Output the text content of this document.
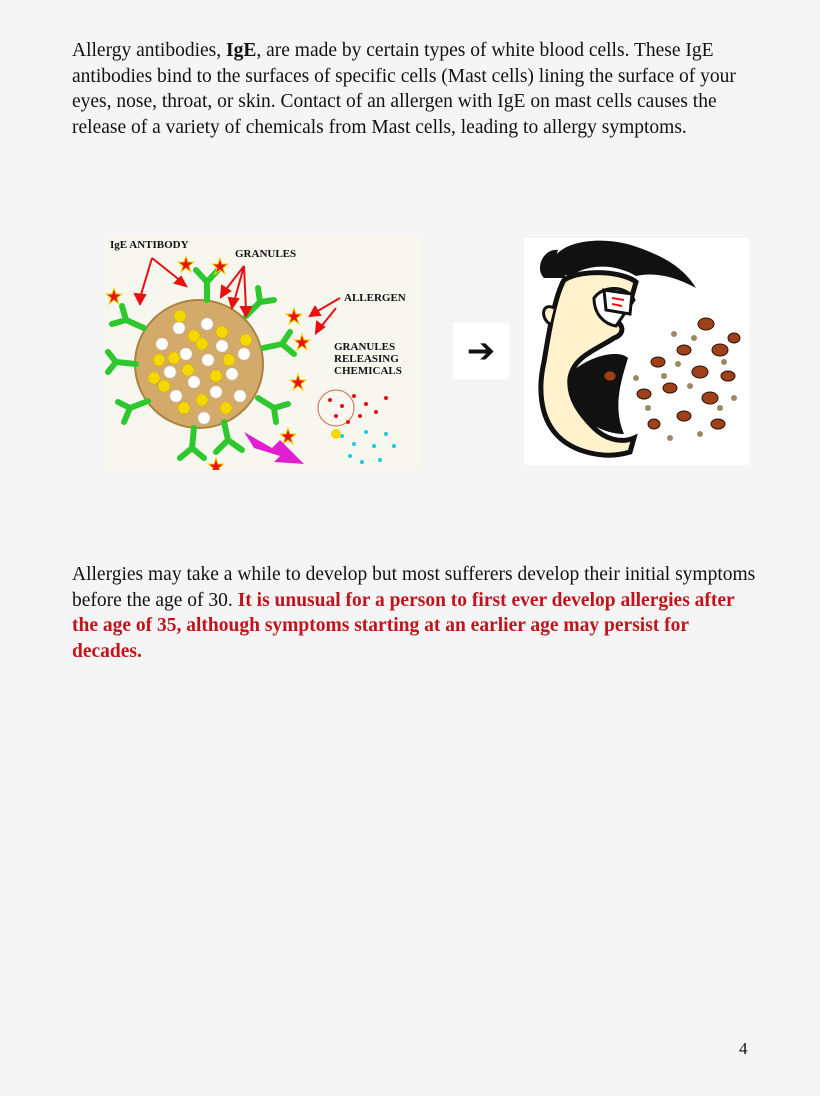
Allergy antibodies, IgE, are made by certain types of white blood cells. These IgE antibodies bind to the surfaces of specific cells (Mast cells) lining the surface of your eyes, nose, throat, or skin. Contact of an allergen with IgE on mast cells causes the release of a variety of chemicals from Mast cells, leading to allergy symptoms.
IgE ANTIBODY
GRANULES
ALLERGEN
GRANULES
RELEASING
CHEMICALS	➔
Allergies may take a while to develop but most sufferers develop their initial symptoms before the age of 30. It is unusual for a person to first ever develop allergies after the age of 35, although symptoms starting at an earlier age may persist for decades.
4
